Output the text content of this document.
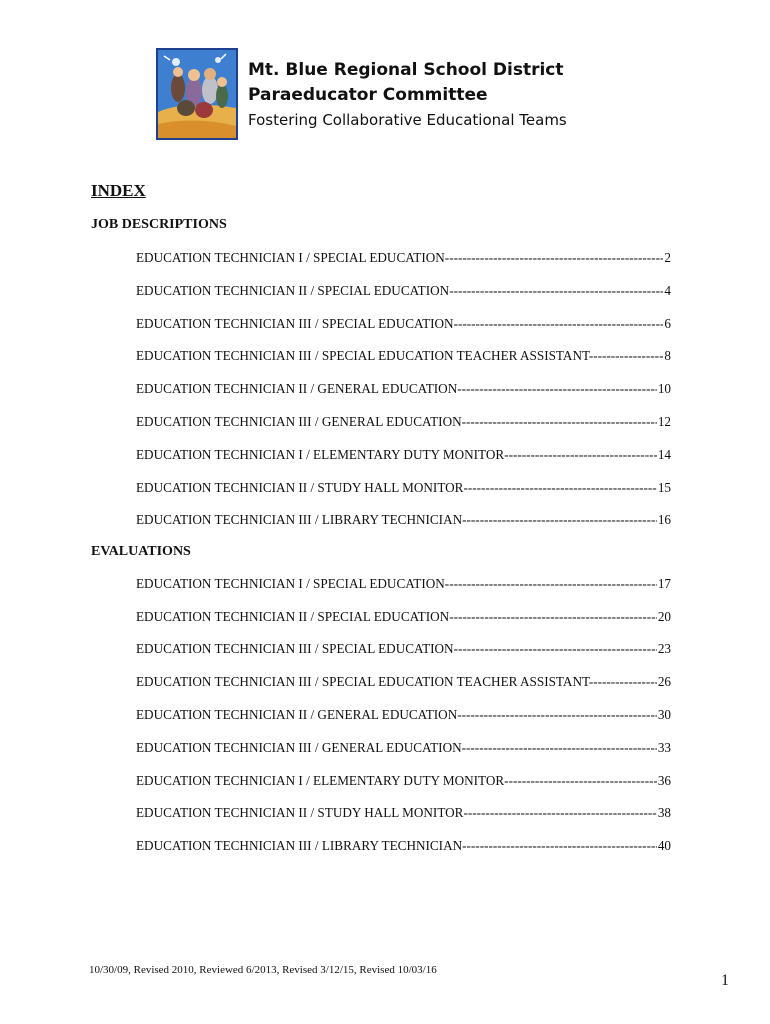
Mt. Blue Regional School District
Paraeducator Committee
Fostering Collaborative Educational Teams
INDEX
JOB DESCRIPTIONS
EDUCATION TECHNICIAN I / SPECIAL EDUCATION -----	2
EDUCATION TECHNICIAN II / SPECIAL EDUCATION -----	4
EDUCATION TECHNICIAN III / SPECIAL EDUCATION -----	6
EDUCATION TECHNICIAN III / SPECIAL EDUCATION TEACHER ASSISTANT -----	8
EDUCATION TECHNICIAN II / GENERAL EDUCATION -----	10
EDUCATION TECHNICIAN III / GENERAL EDUCATION -----	12
EDUCATION TECHNICIAN I / ELEMENTARY DUTY MONITOR -----	14
EDUCATION TECHNICIAN II / STUDY HALL MONITOR -----	15
EDUCATION TECHNICIAN III / LIBRARY TECHNICIAN -----	16
EVALUATIONS
EDUCATION TECHNICIAN I / SPECIAL EDUCATION -----	17
EDUCATION TECHNICIAN II / SPECIAL EDUCATION -----	20
EDUCATION TECHNICIAN III / SPECIAL EDUCATION -----	23
EDUCATION TECHNICIAN III / SPECIAL EDUCATION TEACHER ASSISTANT -----	26
EDUCATION TECHNICIAN II / GENERAL EDUCATION -----	30
EDUCATION TECHNICIAN III / GENERAL EDUCATION -----	33
EDUCATION TECHNICIAN I / ELEMENTARY DUTY MONITOR -----	36
EDUCATION TECHNICIAN II / STUDY HALL MONITOR -----	38
EDUCATION TECHNICIAN III / LIBRARY TECHNICIAN -----	40
10/30/09, Revised 2010, Reviewed 6/2013, Revised 3/12/15, Revised 10/03/16
1
